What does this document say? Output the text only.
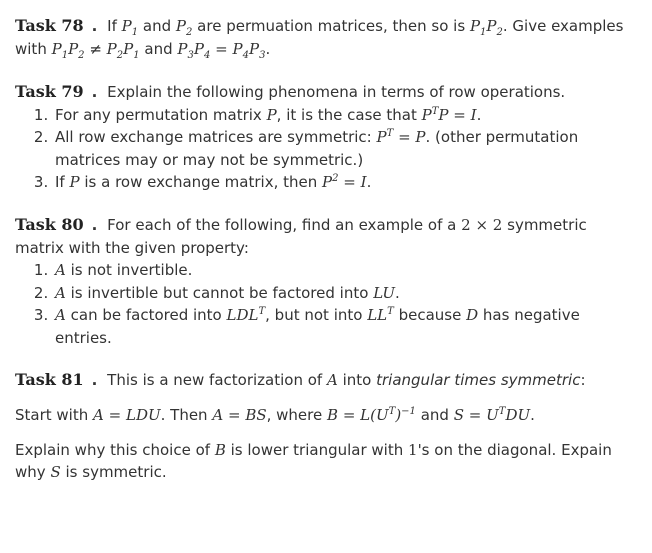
Task 78 . If $P_1$ and $P_2$ are permuation matrices, then so is $P_1P_2$. Give examples with $P_1P_2 \ne P_2P_1$ and $P_3P_4 = P_4P_3$.

Task 79 . Explain the following phenomena in terms of row operations.

1. For any permutation matrix P, it is the case that $P^TP = I$.
2. All row exchange matrices are symmetric: $P^T = P$. (other permutation matrices may or may not be symmetric.)
3. If P is a row exchange matrix, then $P^2 = I$.

Task 80 . For each of the following, find an example of a 2 × 2 symmetric matrix with the given property:

1. A is not invertible.
2. A is invertible but cannot be factored into LU.
3. A can be factored into $LDL^T$, but not into $LL^T$ because D has negative entries.

Task 81 . This is a new factorization of A into triangular times symmetric:

Start with A = LDU. Then A = BS, where $B = L(U^T)^{-1}$ and $S = U^TDU$.

Explain why this choice of B is lower triangular with 1's on the diagonal. Expain why S is symmetric.
